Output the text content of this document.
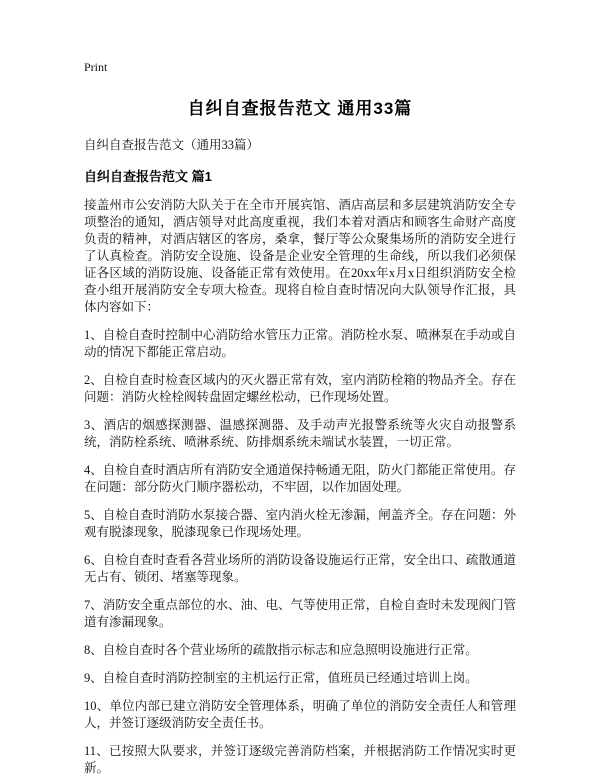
Print

自纠自查报告范文 通用33篇

自纠自查报告范文（通用33篇）

自纠自查报告范文 篇1

接盖州市公安消防大队关于在全市开展宾馆、酒店高层和多层建筑消防安全专项整治的通知，酒店领导对此高度重视，我们本着对酒店和顾客生命财产高度负责的精神，对酒店辖区的客房，桑拿，餐厅等公众聚集场所的消防安全进行了认真检查。消防安全设施、设备是企业安全管理的生命线，所以我们必须保证各区域的消防设施、设备能正常有效使用。在20xx年x月x日组织消防安全检查小组开展消防安全专项大检查。现将自检自查时情况向大队领导作汇报，具体内容如下：

1、自检自查时控制中心消防给水管压力正常。消防栓水泵、喷淋泵在手动或自动的情况下都能正常启动。

2、自检自查时检查区域内的灭火器正常有效，室内消防栓箱的物品齐全。存在问题：消防火栓栓阀转盘固定螺丝松动，已作现场处置。

3、酒店的烟感探测器、温感探测器、及手动声光报警系统等火灾自动报警系统，消防栓系统、喷淋系统、防排烟系统未端试水装置，一切正常。

4、自检自查时酒店所有消防安全通道保持畅通无阻，防火门都能正常使用。存在问题：部分防火门顺序器松动，不牢固，以作加固处理。

5、自检自查时消防水泵接合器、室内消火栓无渗漏，闸盖齐全。存在问题：外观有脱漆现象，脱漆现象已作现场处理。

6、自检自查时查看各营业场所的消防设备设施运行正常，安全出口、疏散通道无占有、锁闭、堵塞等现象。

7、消防安全重点部位的水、油、电、气等使用正常，自检自查时未发现阀门管道有渗漏现象。

8、自检自查时各个营业场所的疏散指示标志和应急照明设施进行正常。

9、自检自查时消防控制室的主机运行正常，值班员已经通过培训上岗。

10、单位内部已建立消防安全管理体系，明确了单位的消防安全责任人和管理人，并签订逐级消防安全责任书。

11、已按照大队要求，并签订逐级完善消防档案，并根据消防工作情况实时更新。
